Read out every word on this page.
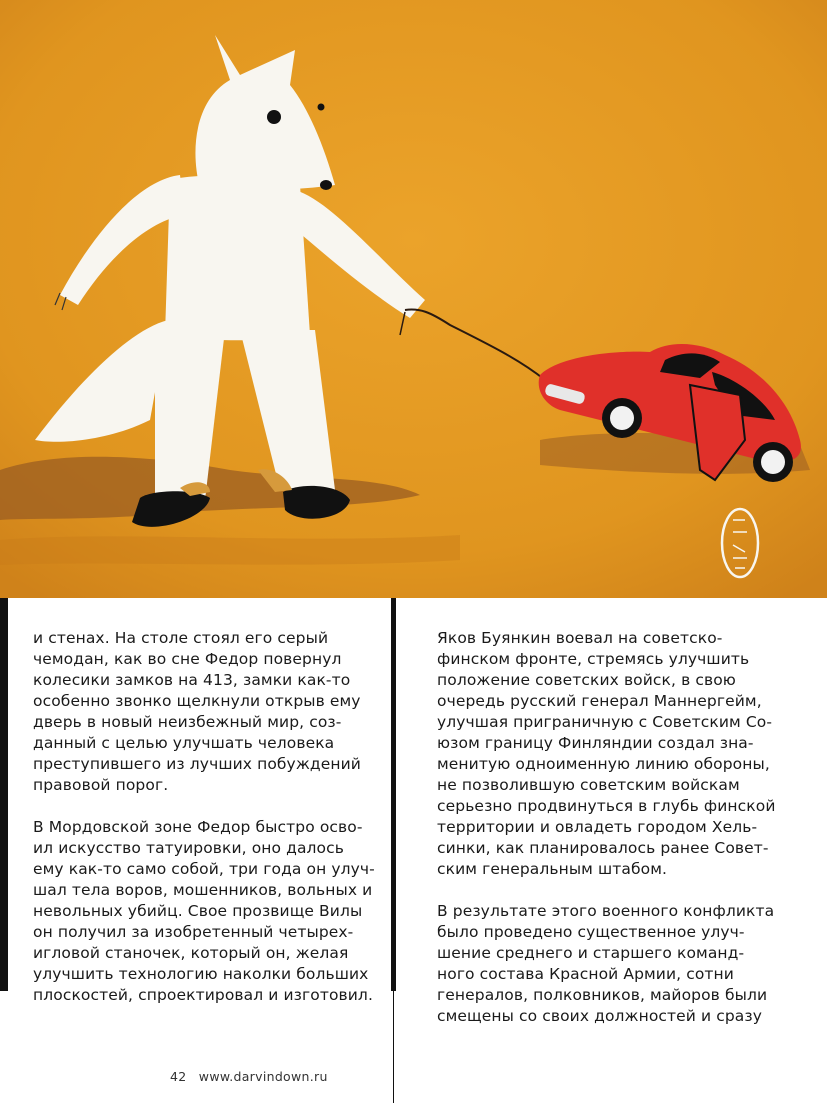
и стенах. На столе стоял его серый
чемодан, как во сне Федор повернул
колесики замков на 413, замки как-то
особенно звонко щелкнули открыв ему
дверь в новый неизбежный мир, соз-
данный с целью улучшать человека
преступившего из лучших побуждений
правовой порог.
В Мордовской зоне Федор быстро осво-
ил искусство татуировки, оно далось
ему как-то само собой, три года он улуч-
шал тела воров, мошенников, вольных и
невольных убийц. Свое прозвище Вилы
он получил за изобретенный четырех-
игловой станочек, который он, желая
улучшить технологию наколки больших
плоскостей, спроектировал и изготовил.
Яков Буянкин воевал на советско-
финском фронте, стремясь улучшить
положение советских войск, в свою
очередь русский генерал Маннергейм,
улучшая приграничную с Советским Со-
юзом границу Финляндии создал зна-
менитую одноименную линию обороны,
не позволившую советским войскам
серьезно продвинуться в глубь финской
территории и овладеть городом Хель-
синки, как планировалось ранее Совет-
ским генеральным штабом.
В результате этого военного конфликта
было проведено существенное улуч-
шение среднего и старшего команд-
ного состава Красной Армии, сотни
генералов, полковников, майоров были
смещены со своих должностей и сразу
42 www.darvindown.ru
